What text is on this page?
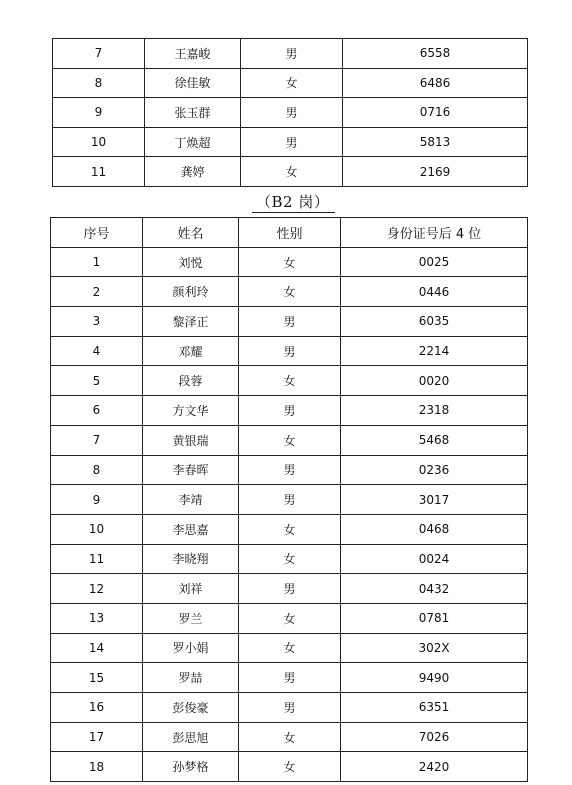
7	王嘉峻	男	6558
8	徐佳敏	女	6486
9	张玉群	男	0716
10	丁焕超	男	5813
11	龚婷	女	2169
（B2 岗）
序号	姓名	性别	身份证号后 4 位
1	刘悦	女	0025
2	颜利玲	女	0446
3	黎泽正	男	6035
4	邓耀	男	2214
5	段蓉	女	0020
6	方文华	男	2318
7	黄银瑞	女	5468
8	李春晖	男	0236
9	李靖	男	3017
10	李思嘉	女	0468
11	李晓翔	女	0024
12	刘祥	男	0432
13	罗兰	女	0781
14	罗小娟	女	302X
15	罗喆	男	9490
16	彭俊豪	男	6351
17	彭思旭	女	7026
18	孙梦格	女	2420
